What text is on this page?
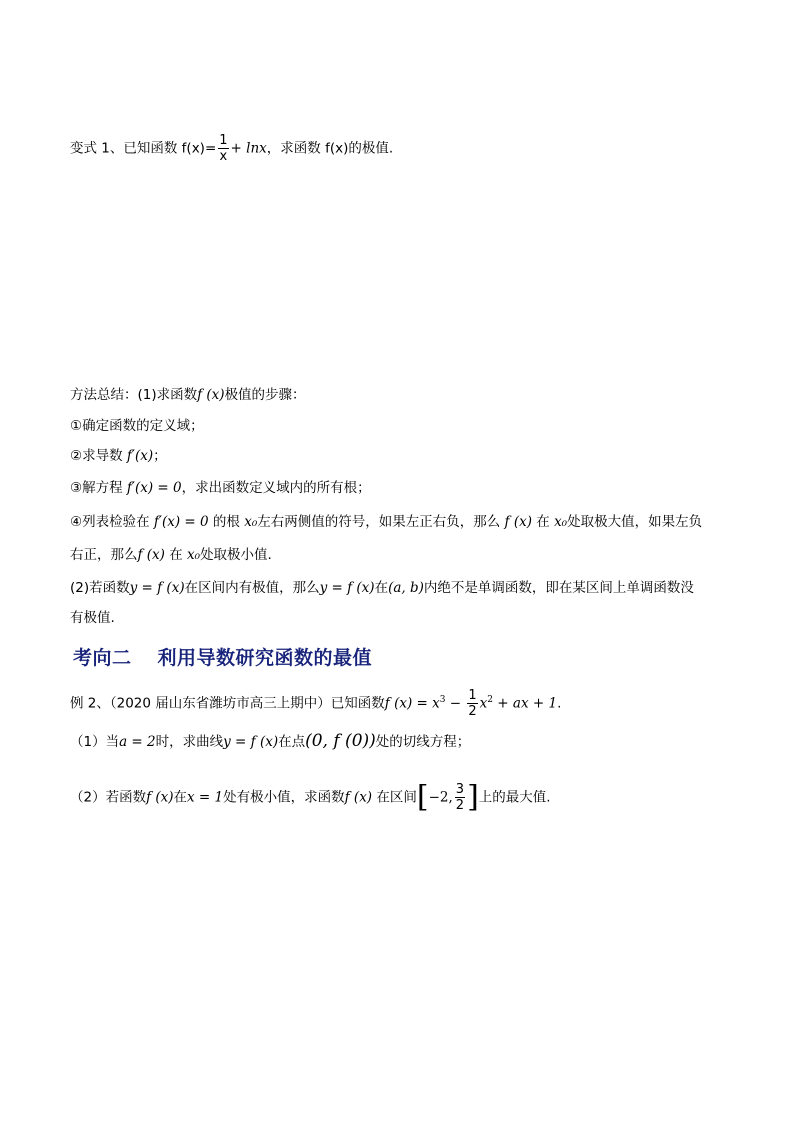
变式 1、已知函数 $f(x)= \frac{1}{x} + \ln x$，求函数 f(x)的极值.
方法总结：(1)求函数f (x)极值的步骤：
①确定函数的定义域；
②求导数 f′(x)；
③解方程 f′(x) = 0，求出函数定义域内的所有根；
④列表检验在 f′(x) = 0 的根 x₀左右两侧值的符号，如果左正右负，那么 f (x) 在 x₀处取极大值，如果左负
右正，那么f (x) 在 x₀处取极小值.
(2)若函数y = f (x)在区间内有极值，那么y = f (x)在(a, b)内绝不是单调函数，即在某区间上单调函数没
有极值.
考向二 利用导数研究函数的最值
例 2、（2020 届山东省潍坊市高三上期中）已知函数f $(x) = x^3 - \frac{1}{2} x^2$ + ax + 1.
（1）当a = 2时，求曲线y = f (x)在点(0, f (0))处的切线方程；
（2）若函数f (x)在x = 1处有极小值，求函数f (x) 在区间[−2, $\frac{3}{2}$ ]上的最大值.
